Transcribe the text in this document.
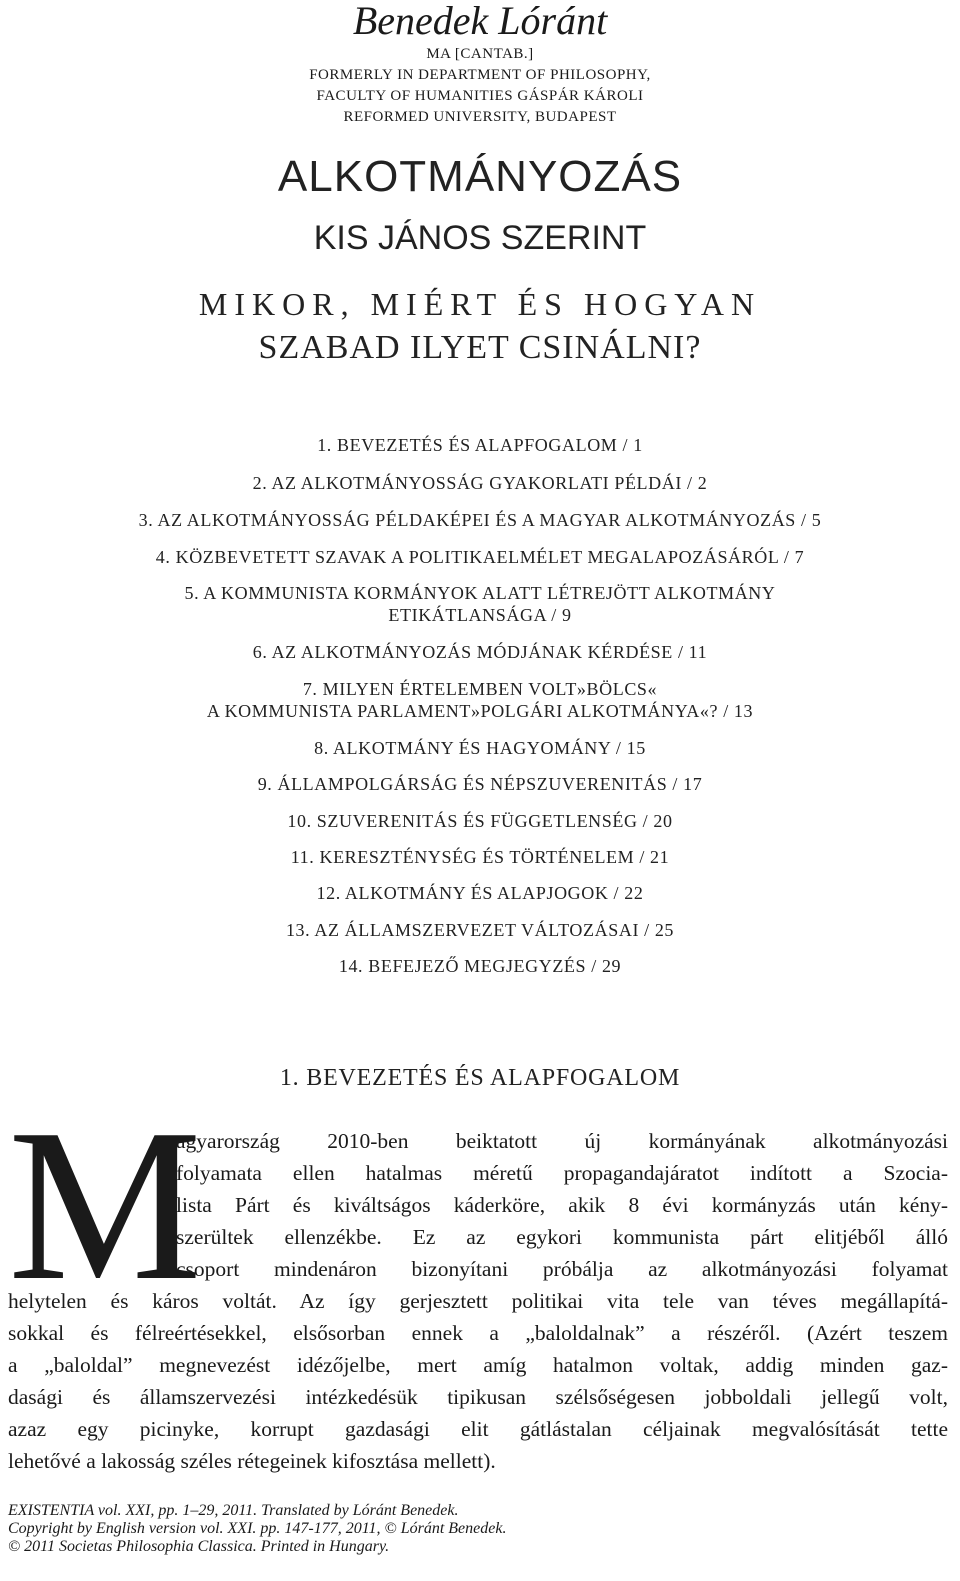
Benedek Lóránt
MA [CANTAB.]
FORMERLY IN DEPARTMENT OF PHILOSOPHY,
FACULTY OF HUMANITIES GÁSPÁR KÁROLI
REFORMED UNIVERSITY, BUDAPEST
ALKOTMÁNYOZÁS
KIS JÁNOS SZERINT
MIKOR, MIÉRT ÉS HOGYAN
SZABAD ILYET CSINÁLNI?
1. BEVEZETÉS ÉS ALAPFOGALOM / 1
2. AZ ALKOTMÁNYOSSÁG GYAKORLATI PÉLDÁI / 2
3. AZ ALKOTMÁNYOSSÁG PÉLDAKÉPEI ÉS A MAGYAR ALKOTMÁNYOZÁS / 5
4. KÖZBEVETETT SZAVAK A POLITIKAELMÉLET MEGALAPOZÁSÁRÓL / 7
5. A KOMMUNISTA KORMÁNYOK ALATT LÉTREJÖTT ALKOTMÁNY
ETIKÁTLANSÁGA / 9
6. AZ ALKOTMÁNYOZÁS MÓDJÁNAK KÉRDÉSE / 11
7. MILYEN ÉRTELEMBEN VOLT»BÖLCS«
A KOMMUNISTA PARLAMENT»POLGÁRI ALKOTMÁNYA«? / 13
8. ALKOTMÁNY ÉS HAGYOMÁNY / 15
9. ÁLLAMPOLGÁRSÁG ÉS NÉPSZUVERENITÁS / 17
10. SZUVERENITÁS ÉS FÜGGETLENSÉG / 20
11. KERESZTÉNYSÉG ÉS TÖRTÉNELEM / 21
12. ALKOTMÁNY ÉS ALAPJOGOK / 22
13. AZ ÁLLAMSZERVEZET VÁLTOZÁSAI / 25
14. BEFEJEZŐ MEGJEGYZÉS / 29
1. BEVEZETÉS ÉS ALAPFOGALOM
M
agyarország 2010-ben beiktatott új kormányának alkotmányozási
folyamata ellen hatalmas méretű propagandajáratot indított a Szocia-
lista Párt és kiváltságos káderköre, akik 8 évi kormányzás után kény-
szerültek ellenzékbe. Ez az egykori kommunista párt elitjéből álló
csoport mindenáron bizonyítani próbálja az alkotmányozási folyamat
helytelen és káros voltát. Az így gerjesztett politikai vita tele van téves megállapítá-
sokkal és félreértésekkel, elsősorban ennek a „baloldalnak” a részéről. (Azért teszem
a „baloldal” megnevezést idézőjelbe, mert amíg hatalmon voltak, addig minden gaz-
dasági és államszervezési intézkedésük tipikusan szélsőségesen jobboldali jellegű volt,
azaz egy picinyke, korrupt gazdasági elit gátlástalan céljainak megvalósítását tette
lehetővé a lakosság széles rétegeinek kifosztása mellett).
EXISTENTIA vol. XXI, pp. 1–29, 2011. Translated by Lóránt Benedek.
Copyright by English version vol. XXI. pp. 147-177, 2011, © Lóránt Benedek.
© 2011 Societas Philosophia Classica. Printed in Hungary.
